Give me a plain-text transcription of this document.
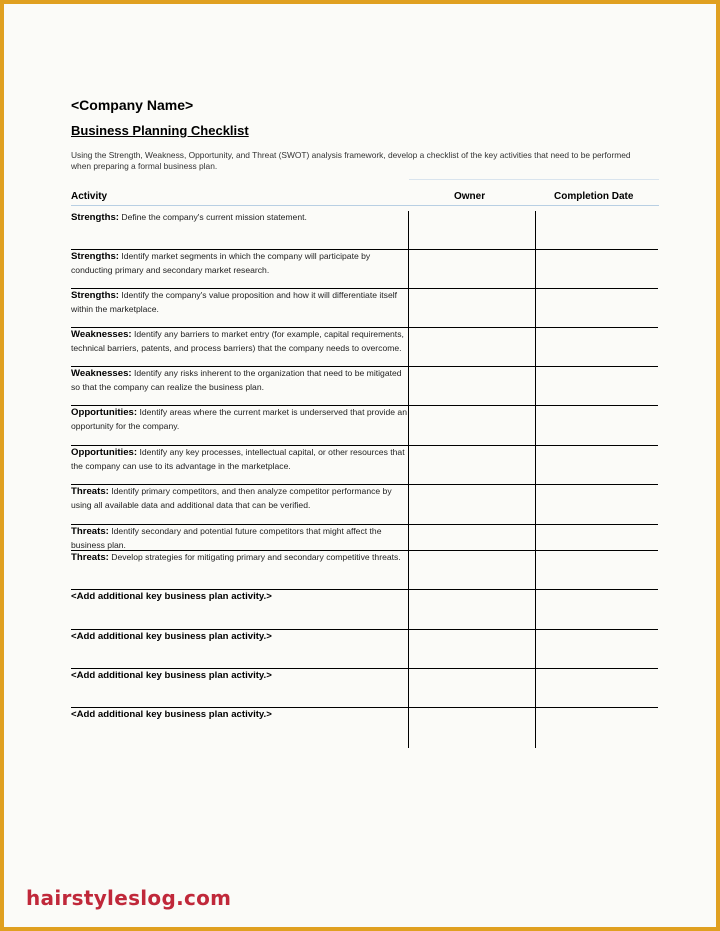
<Company Name>
Business Planning Checklist
Using the Strength, Weakness, Opportunity, and Threat (SWOT) analysis framework, develop a checklist of the key activities that need to be performed when preparing a formal business plan.
Activity	Owner	Completion Date
Strengths: Define the company's current mission statement.
Strengths: Identify market segments in which the company will participate by conducting primary and secondary market research.
Strengths: Identify the company's value proposition and how it will differentiate itself within the marketplace.
Weaknesses: Identify any barriers to market entry (for example, capital requirements, technical barriers, patents, and process barriers) that the company needs to overcome.
Weaknesses: Identify any risks inherent to the organization that need to be mitigated so that the company can realize the business plan.
Opportunities: Identify areas where the current market is underserved that provide an opportunity for the company.
Opportunities: Identify any key processes, intellectual capital, or other resources that the company can use to its advantage in the marketplace.
Threats: Identify primary competitors, and then analyze competitor performance by using all available data and additional data that can be verified.
Threats: Identify secondary and potential future competitors that might affect the business plan.
Threats: Develop strategies for mitigating primary and secondary competitive threats.
<Add additional key business plan activity.>
<Add additional key business plan activity.>
<Add additional key business plan activity.>
<Add additional key business plan activity.>
hairstyleslog.com
